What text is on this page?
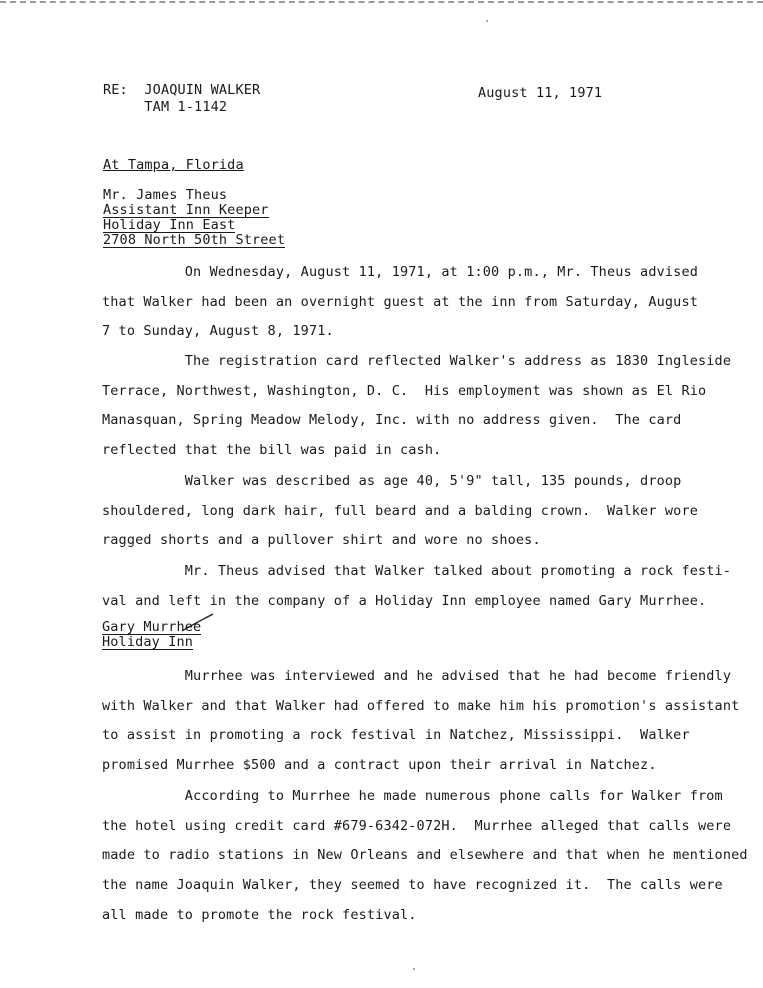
RE:  JOAQUIN WALKER
TAM 1-1142
August 11, 1971
At Tampa, Florida
Mr. James Theus
Assistant Inn Keeper
Holiday Inn East
2708 North 50th Street
On Wednesday, August 11, 1971, at 1:00 p.m., Mr. Theus advised
that Walker had been an overnight guest at the inn from Saturday, August
7 to Sunday, August 8, 1971.
The registration card reflected Walker's address as 1830 Ingleside
Terrace, Northwest, Washington, D. C.  His employment was shown as El Rio
Manasquan, Spring Meadow Melody, Inc. with no address given.  The card
reflected that the bill was paid in cash.
Walker was described as age 40, 5'9" tall, 135 pounds, droop
shouldered, long dark hair, full beard and a balding crown.  Walker wore
ragged shorts and a pullover shirt and wore no shoes.
Mr. Theus advised that Walker talked about promoting a rock festi-
val and left in the company of a Holiday Inn employee named Gary Murrhee.
Gary Murrhee
Holiday Inn
Murrhee was interviewed and he advised that he had become friendly
with Walker and that Walker had offered to make him his promotion's assistant
to assist in promoting a rock festival in Natchez, Mississippi.  Walker
promised Murrhee $500 and a contract upon their arrival in Natchez.
According to Murrhee he made numerous phone calls for Walker from
the hotel using credit card #679-6342-072H.  Murrhee alleged that calls were
made to radio stations in New Orleans and elsewhere and that when he mentioned
the name Joaquin Walker, they seemed to have recognized it.  The calls were
all made to promote the rock festival.
